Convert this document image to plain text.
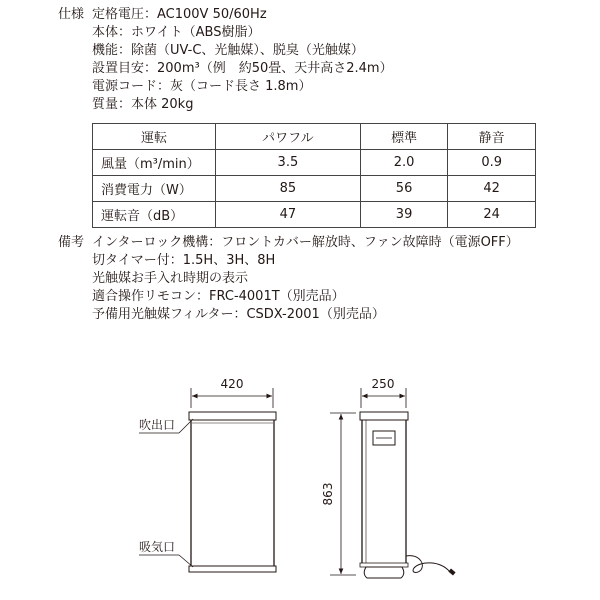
仕様 定格電圧：AC100V 50/60Hz
本体：ホワイト（ABS樹脂）
機能：除菌（UV-C、光触媒）、脱臭（光触媒）
設置目安：200m³（例　約50畳、天井高さ2.4m）
電源コード：灰（コード長さ 1.8m）
質量：本体 20kg
運転	パワフル	標準	静音
風量（m³/min）	3.5	2.0	0.9
消費電力（W）	85	56	42
運転音（dB）	47	39	24
備考 インターロック機構：フロントカバー解放時、ファン故障時（電源OFF）
切タイマー付：1.5H、3H、8H
光触媒お手入れ時期の表示
適合操作リモコン：FRC-4001T（別売品）
予備用光触媒フィルター：CSDX-2001（別売品）
420
吹出口
吸気口
250
863
